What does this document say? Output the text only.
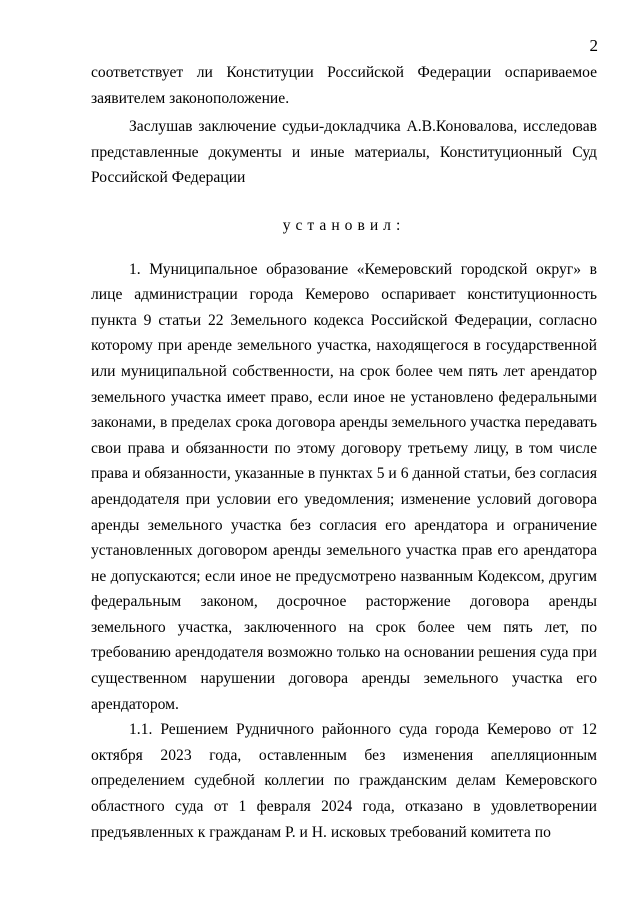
2

соответствует ли Конституции Российской Федерации оспариваемое заявителем законоположение.

Заслушав заключение судьи-докладчика А.В.Коновалова, исследовав представленные документы и иные материалы, Конституционный Суд Российской Федерации

установил:

1. Муниципальное образование «Кемеровский городской округ» в лице администрации города Кемерово оспаривает конституционность пункта 9 статьи 22 Земельного кодекса Российской Федерации, согласно которому при аренде земельного участка, находящегося в государственной или муниципальной собственности, на срок более чем пять лет арендатор земельного участка имеет право, если иное не установлено федеральными законами, в пределах срока договора аренды земельного участка передавать свои права и обязанности по этому договору третьему лицу, в том числе права и обязанности, указанные в пунктах 5 и 6 данной статьи, без согласия арендодателя при условии его уведомления; изменение условий договора аренды земельного участка без согласия его арендатора и ограничение установленных договором аренды земельного участка прав его арендатора не допускаются; если иное не предусмотрено названным Кодексом, другим федеральным законом, досрочное расторжение договора аренды земельного участка, заключенного на срок более чем пять лет, по требованию арендодателя возможно только на основании решения суда при существенном нарушении договора аренды земельного участка его арендатором.

1.1. Решением Рудничного районного суда города Кемерово от 12 октября 2023 года, оставленным без изменения апелляционным определением судебной коллегии по гражданским делам Кемеровского областного суда от 1 февраля 2024 года, отказано в удовлетворении предъявленных к гражданам Р. и Н. исковых требований комитета по
